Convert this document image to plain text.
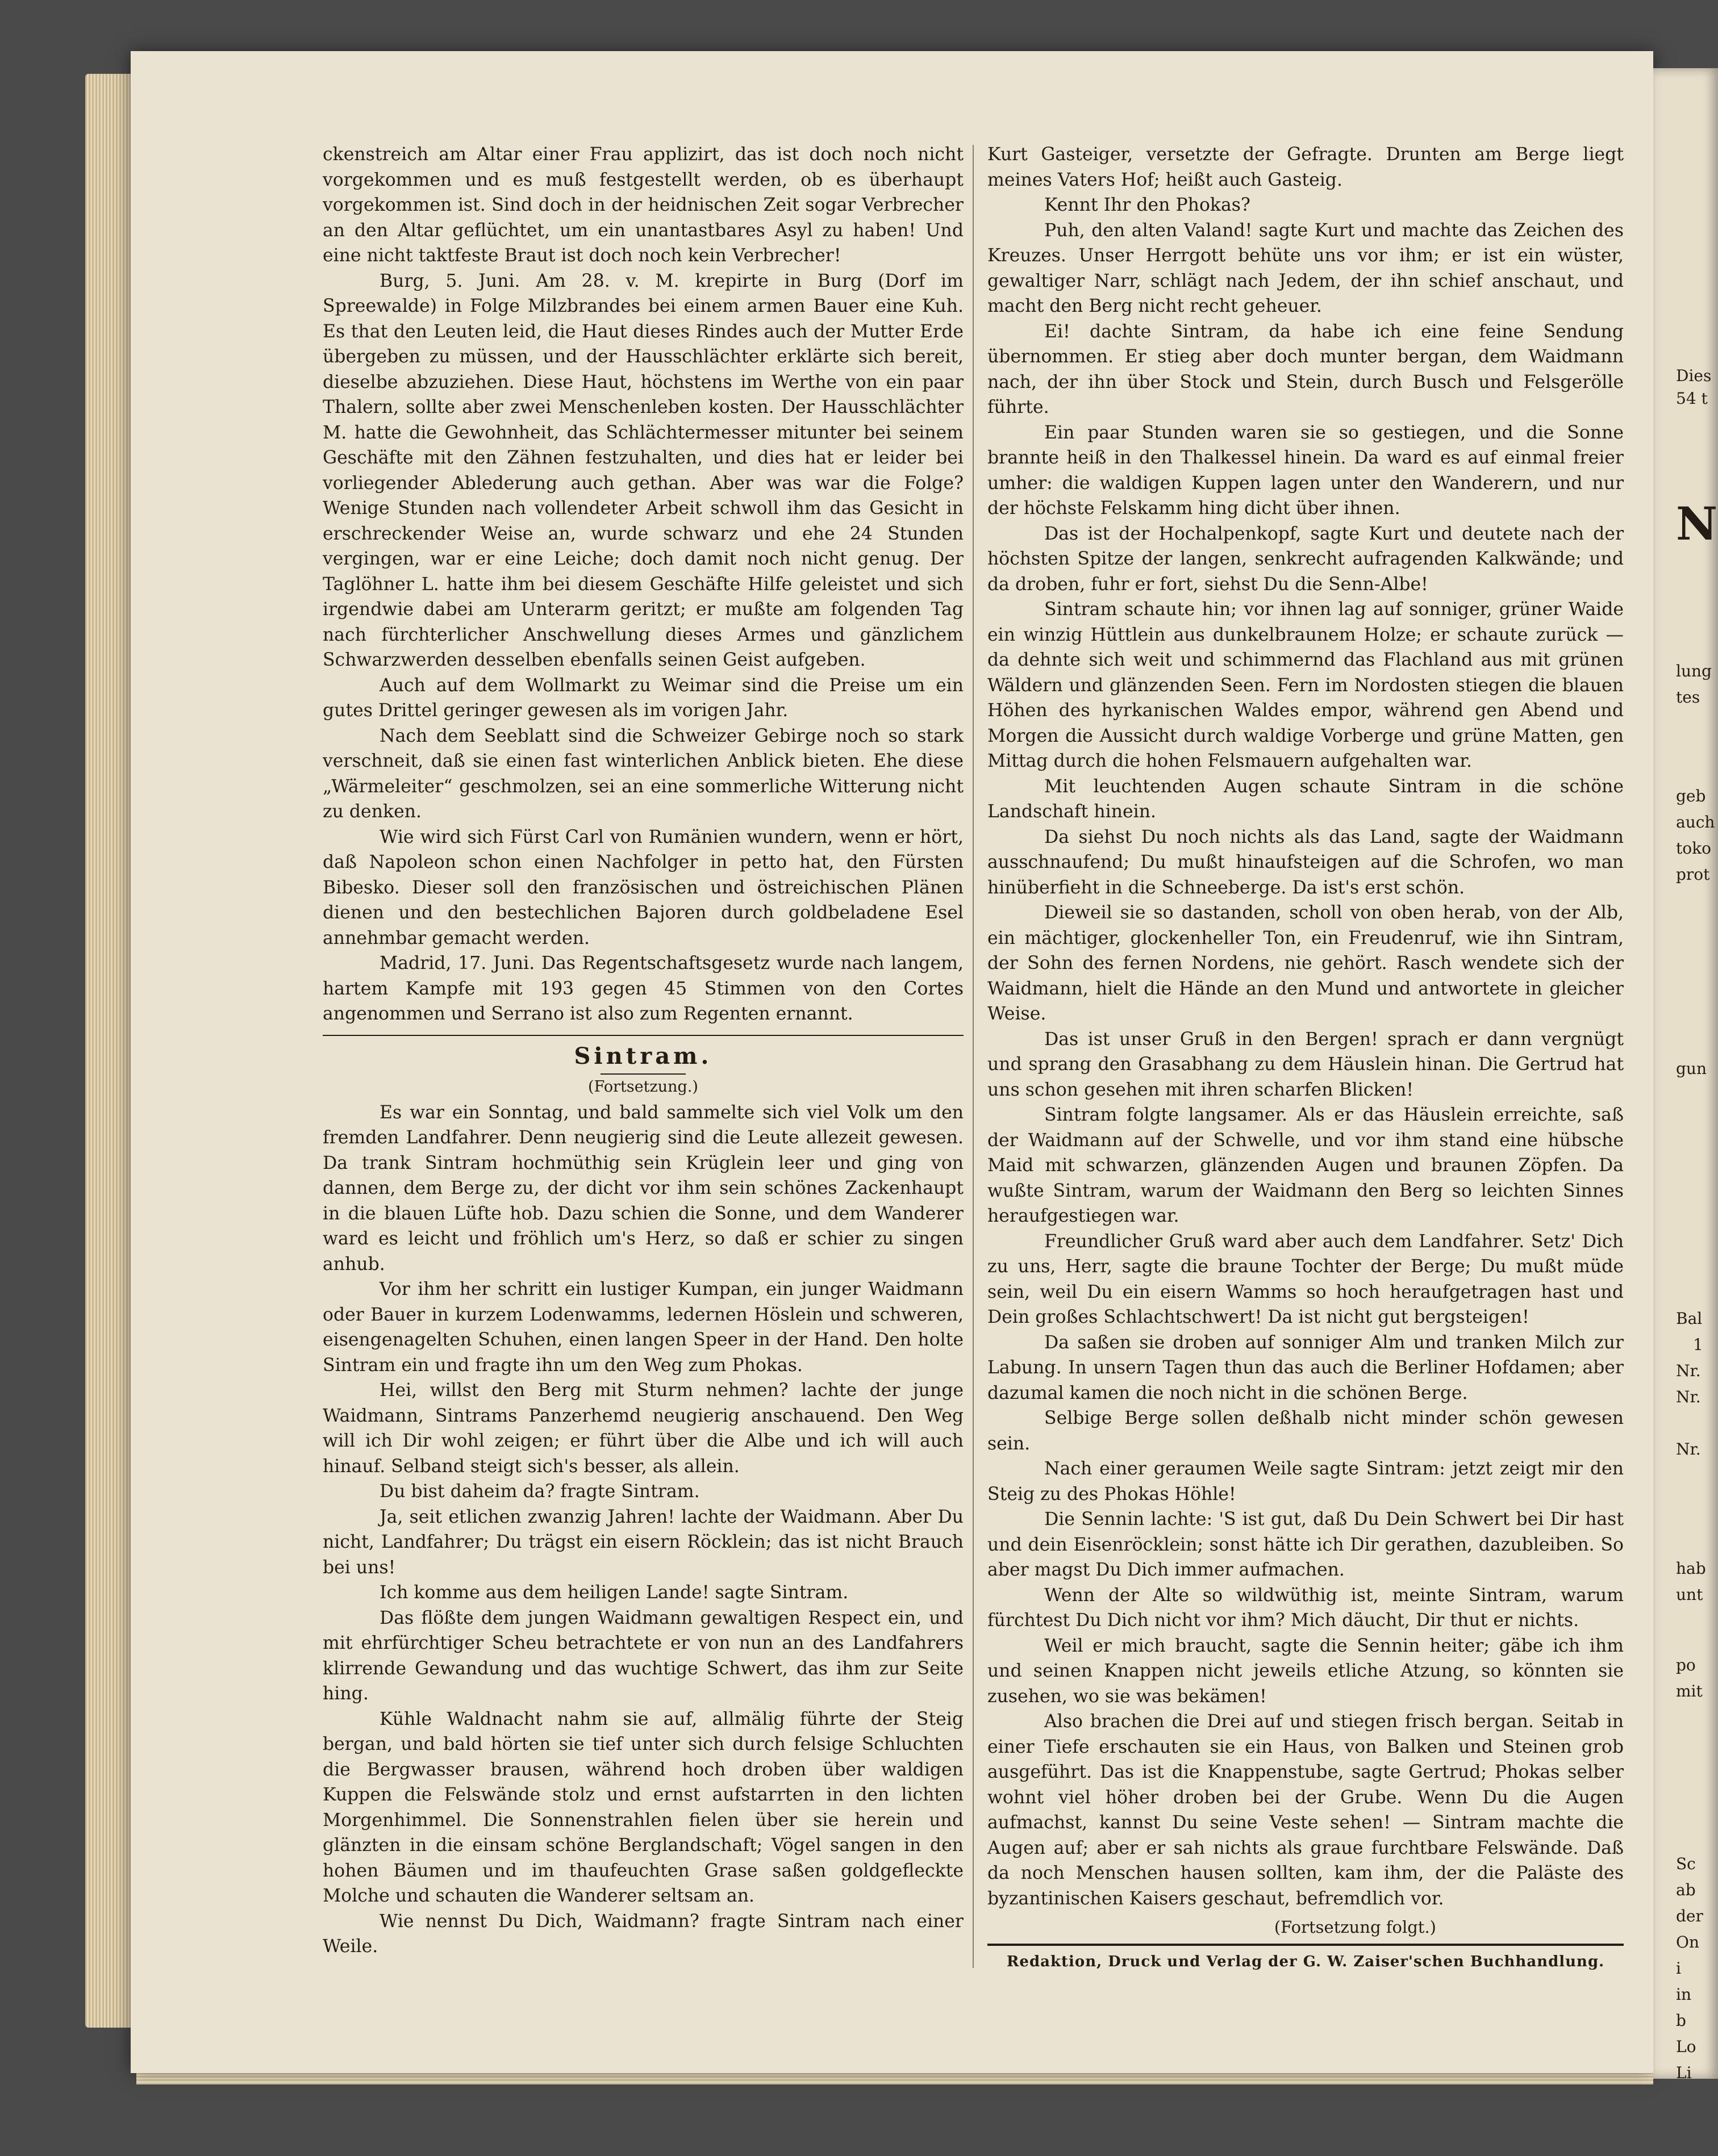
Dies
54 t
N
lung
tes
geb
auch
toko
prot
gun
Bal
1
Nr.
Nr.
Nr.
hab
unt
po
mit
Sc
ab
der
On
i
in
b
Lo
Li

ckenstreich am Altar einer Frau applizirt, das ist doch noch nicht vorgekommen und es muß festgestellt werden, ob es überhaupt vorgekommen ist. Sind doch in der heidnischen Zeit sogar Verbrecher an den Altar geflüchtet, um ein unantastbares Asyl zu haben! Und eine nicht taktfeste Braut ist doch noch kein Verbrecher!

Burg, 5. Juni. Am 28. v. M. krepirte in Burg (Dorf im Spreewalde) in Folge Milzbrandes bei einem armen Bauer eine Kuh. Es that den Leuten leid, die Haut dieses Rindes auch der Mutter Erde übergeben zu müssen, und der Hausschlächter erklärte sich bereit, dieselbe abzuziehen. Diese Haut, höchstens im Werthe von ein paar Thalern, sollte aber zwei Menschenleben kosten. Der Hausschlächter M. hatte die Gewohnheit, das Schlächtermesser mitunter bei seinem Geschäfte mit den Zähnen festzuhalten, und dies hat er leider bei vorliegender Ablederung auch gethan. Aber was war die Folge? Wenige Stunden nach vollendeter Arbeit schwoll ihm das Gesicht in erschreckender Weise an, wurde schwarz und ehe 24 Stunden vergingen, war er eine Leiche; doch damit noch nicht genug. Der Taglöhner L. hatte ihm bei diesem Geschäfte Hilfe geleistet und sich irgendwie dabei am Unterarm geritzt; er mußte am folgenden Tag nach fürchterlicher Anschwellung dieses Armes und gänzlichem Schwarzwerden desselben ebenfalls seinen Geist aufgeben.

Auch auf dem Wollmarkt zu Weimar sind die Preise um ein gutes Drittel geringer gewesen als im vorigen Jahr.

Nach dem Seeblatt sind die Schweizer Gebirge noch so stark verschneit, daß sie einen fast winterlichen Anblick bieten. Ehe diese „Wärmeleiter“ geschmolzen, sei an eine sommerliche Witterung nicht zu denken.

Wie wird sich Fürst Carl von Rumänien wundern, wenn er hört, daß Napoleon schon einen Nachfolger in petto hat, den Fürsten Bibesko. Dieser soll den französischen und östreichischen Plänen dienen und den bestechlichen Bajoren durch goldbeladene Esel annehmbar gemacht werden.

Madrid, 17. Juni. Das Regentschaftsgesetz wurde nach langem, hartem Kampfe mit 193 gegen 45 Stimmen von den Cortes angenommen und Serrano ist also zum Regenten ernannt.

Sintram.
(Fortsetzung.)

Es war ein Sonntag, und bald sammelte sich viel Volk um den fremden Landfahrer. Denn neugierig sind die Leute allezeit gewesen. Da trank Sintram hochmüthig sein Krüglein leer und ging von dannen, dem Berge zu, der dicht vor ihm sein schönes Zackenhaupt in die blauen Lüfte hob. Dazu schien die Sonne, und dem Wanderer ward es leicht und fröhlich um's Herz, so daß er schier zu singen anhub.

Vor ihm her schritt ein lustiger Kumpan, ein junger Waidmann oder Bauer in kurzem Lodenwamms, ledernen Höslein und schweren, eisengenagelten Schuhen, einen langen Speer in der Hand. Den holte Sintram ein und fragte ihn um den Weg zum Phokas.

Hei, willst den Berg mit Sturm nehmen? lachte der junge Waidmann, Sintrams Panzerhemd neugierig anschauend. Den Weg will ich Dir wohl zeigen; er führt über die Albe und ich will auch hinauf. Selband steigt sich's besser, als allein.

Du bist daheim da? fragte Sintram.

Ja, seit etlichen zwanzig Jahren! lachte der Waidmann. Aber Du nicht, Landfahrer; Du trägst ein eisern Röcklein; das ist nicht Brauch bei uns!

Ich komme aus dem heiligen Lande! sagte Sintram.

Das flößte dem jungen Waidmann gewaltigen Respect ein, und mit ehrfürchtiger Scheu betrachtete er von nun an des Landfahrers klirrende Gewandung und das wuchtige Schwert, das ihm zur Seite hing.

Kühle Waldnacht nahm sie auf, allmälig führte der Steig bergan, und bald hörten sie tief unter sich durch felsige Schluchten die Bergwasser brausen, während hoch droben über waldigen Kuppen die Felswände stolz und ernst aufstarrten in den lichten Morgenhimmel. Die Sonnenstrahlen fielen über sie herein und glänzten in die einsam schöne Berglandschaft; Vögel sangen in den hohen Bäumen und im thaufeuchten Grase saßen goldgefleckte Molche und schauten die Wanderer seltsam an.

Wie nennst Du Dich, Waidmann? fragte Sintram nach einer Weile.

Kurt Gasteiger, versetzte der Gefragte. Drunten am Berge liegt meines Vaters Hof; heißt auch Gasteig.

Kennt Ihr den Phokas?

Puh, den alten Valand! sagte Kurt und machte das Zeichen des Kreuzes. Unser Herrgott behüte uns vor ihm; er ist ein wüster, gewaltiger Narr, schlägt nach Jedem, der ihn schief anschaut, und macht den Berg nicht recht geheuer.

Ei! dachte Sintram, da habe ich eine feine Sendung übernommen. Er stieg aber doch munter bergan, dem Waidmann nach, der ihn über Stock und Stein, durch Busch und Felsgerölle führte.

Ein paar Stunden waren sie so gestiegen, und die Sonne brannte heiß in den Thalkessel hinein. Da ward es auf einmal freier umher: die waldigen Kuppen lagen unter den Wanderern, und nur der höchste Felskamm hing dicht über ihnen.

Das ist der Hochalpenkopf, sagte Kurt und deutete nach der höchsten Spitze der langen, senkrecht aufragenden Kalkwände; und da droben, fuhr er fort, siehst Du die Senn-Albe!

Sintram schaute hin; vor ihnen lag auf sonniger, grüner Waide ein winzig Hüttlein aus dunkelbraunem Holze; er schaute zurück — da dehnte sich weit und schimmernd das Flachland aus mit grünen Wäldern und glänzenden Seen. Fern im Nordosten stiegen die blauen Höhen des hyrkanischen Waldes empor, während gen Abend und Morgen die Aussicht durch waldige Vorberge und grüne Matten, gen Mittag durch die hohen Felsmauern aufgehalten war.

Mit leuchtenden Augen schaute Sintram in die schöne Landschaft hinein.

Da siehst Du noch nichts als das Land, sagte der Waidmann ausschnaufend; Du mußt hinaufsteigen auf die Schrofen, wo man hinüberfieht in die Schneeberge. Da ist's erst schön.

Dieweil sie so dastanden, scholl von oben herab, von der Alb, ein mächtiger, glockenheller Ton, ein Freudenruf, wie ihn Sintram, der Sohn des fernen Nordens, nie gehört. Rasch wendete sich der Waidmann, hielt die Hände an den Mund und antwortete in gleicher Weise.

Das ist unser Gruß in den Bergen! sprach er dann vergnügt und sprang den Grasabhang zu dem Häuslein hinan. Die Gertrud hat uns schon gesehen mit ihren scharfen Blicken!

Sintram folgte langsamer. Als er das Häuslein erreichte, saß der Waidmann auf der Schwelle, und vor ihm stand eine hübsche Maid mit schwarzen, glänzenden Augen und braunen Zöpfen. Da wußte Sintram, warum der Waidmann den Berg so leichten Sinnes heraufgestiegen war.

Freundlicher Gruß ward aber auch dem Landfahrer. Setz' Dich zu uns, Herr, sagte die braune Tochter der Berge; Du mußt müde sein, weil Du ein eisern Wamms so hoch heraufgetragen hast und Dein großes Schlachtschwert! Da ist nicht gut bergsteigen!

Da saßen sie droben auf sonniger Alm und tranken Milch zur Labung. In unsern Tagen thun das auch die Berliner Hofdamen; aber dazumal kamen die noch nicht in die schönen Berge.

Selbige Berge sollen deßhalb nicht minder schön gewesen sein.

Nach einer geraumen Weile sagte Sintram: jetzt zeigt mir den Steig zu des Phokas Höhle!

Die Sennin lachte: 'S ist gut, daß Du Dein Schwert bei Dir hast und dein Eisenröcklein; sonst hätte ich Dir gerathen, dazubleiben. So aber magst Du Dich immer aufmachen.

Wenn der Alte so wildwüthig ist, meinte Sintram, warum fürchtest Du Dich nicht vor ihm? Mich däucht, Dir thut er nichts.

Weil er mich braucht, sagte die Sennin heiter; gäbe ich ihm und seinen Knappen nicht jeweils etliche Atzung, so könnten sie zusehen, wo sie was bekämen!

Also brachen die Drei auf und stiegen frisch bergan. Seitab in einer Tiefe erschauten sie ein Haus, von Balken und Steinen grob ausgeführt. Das ist die Knappenstube, sagte Gertrud; Phokas selber wohnt viel höher droben bei der Grube. Wenn Du die Augen aufmachst, kannst Du seine Veste sehen! — Sintram machte die Augen auf; aber er sah nichts als graue furchtbare Felswände. Daß da noch Menschen hausen sollten, kam ihm, der die Paläste des byzantinischen Kaisers geschaut, befremdlich vor.

(Fortsetzung folgt.)
Redaktion, Druck und Verlag der G. W. Zaiser'schen Buchhandlung.
